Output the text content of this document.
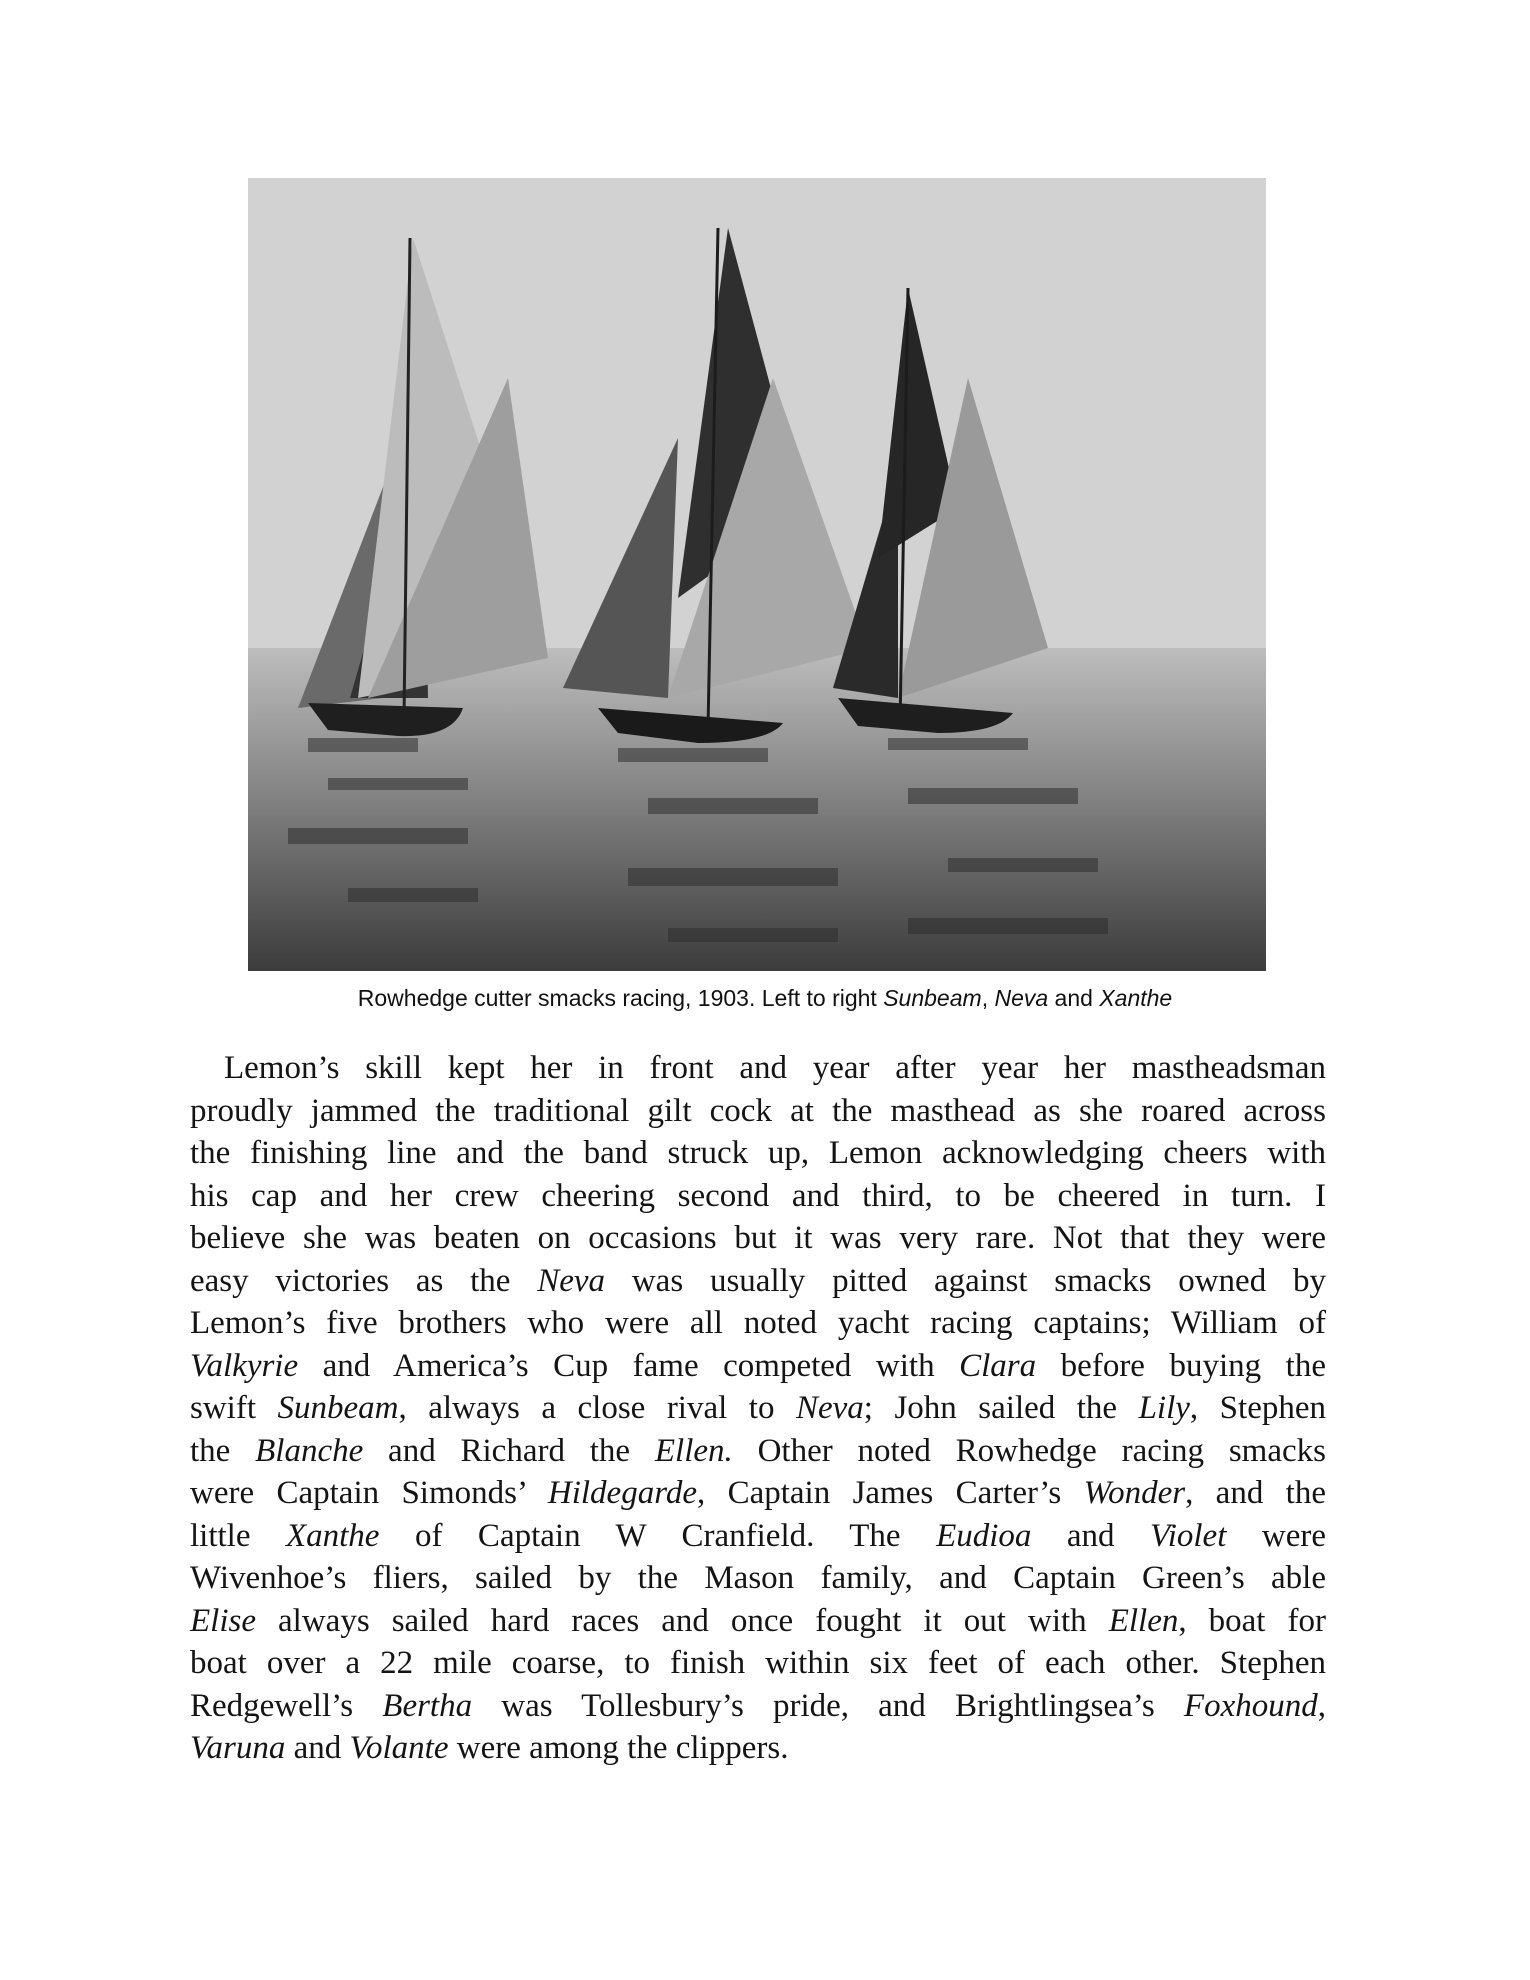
Rowhedge cutter smacks racing, 1903. Left to right Sunbeam, Neva and Xanthe
Lemon’s skill kept her in front and year after year her mastheadsman
proudly jammed the traditional gilt cock at the masthead as she roared across
the finishing line and the band struck up, Lemon acknowledging cheers with
his cap and her crew cheering second and third, to be cheered in turn. I
believe she was beaten on occasions but it was very rare. Not that they were
easy victories as the Neva was usually pitted against smacks owned by
Lemon’s five brothers who were all noted yacht racing captains; William of
Valkyrie and America’s Cup fame competed with Clara before buying the
swift Sunbeam, always a close rival to Neva; John sailed the Lily, Stephen
the Blanche and Richard the Ellen. Other noted Rowhedge racing smacks
were Captain Simonds’ Hildegarde, Captain James Carter’s Wonder, and the
little Xanthe of Captain W Cranfield. The Eudioa and Violet were
Wivenhoe’s fliers, sailed by the Mason family, and Captain Green’s able
Elise always sailed hard races and once fought it out with Ellen, boat for
boat over a 22 mile coarse, to finish within six feet of each other. Stephen
Redgewell’s Bertha was Tollesbury’s pride, and Brightlingsea’s Foxhound,
Varuna and Volante were among the clippers.
